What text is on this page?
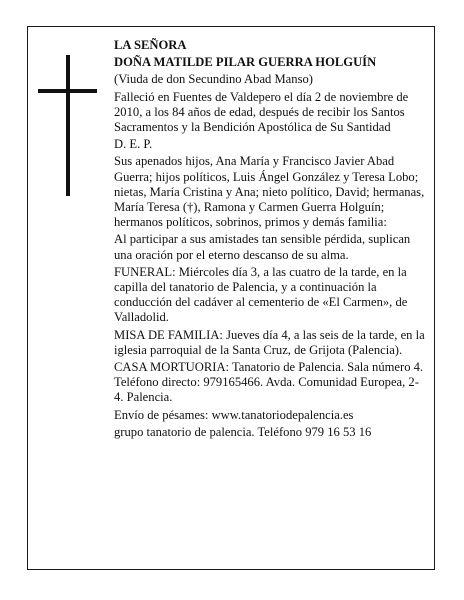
LA SEÑORA

DOÑA MATILDE PILAR GUERRA HOLGUÍN

(Viuda de don Secundino Abad Manso)

Falleció en Fuentes de Valdepero el día 2 de noviembre de 2010, a los 84 años de edad, después de recibir los Santos Sacramentos y la Bendición Apostólica de Su Santidad

D. E. P.

Sus apenados hijos, Ana María y Francisco Javier Abad Guerra; hijos políticos, Luis Ángel González y Teresa Lobo; nietas, María Cristina y Ana; nieto político, David; hermanas, María Teresa (†), Ramona y Carmen Guerra Holguín; hermanos políticos, sobrinos, primos y demás familia:

Al participar a sus amistades tan sensible pérdida, suplican una oración por el eterno descanso de su alma.

FUNERAL: Miércoles día 3, a las cuatro de la tarde, en la capilla del tanatorio de Palencia, y a continuación la conducción del cadáver al cementerio de «El Carmen», de Valladolid.

MISA DE FAMILIA: Jueves día 4, a las seis de la tarde, en la iglesia parroquial de la Santa Cruz, de Grijota (Palencia).

CASA MORTUORIA: Tanatorio de Palencia. Sala número 4. Teléfono directo: 979165466. Avda. Comunidad Europea, 2-4. Palencia.

Envío de pésames: www.tanatoriodepalencia.es

grupo tanatorio de palencia. Teléfono 979 16 53 16
